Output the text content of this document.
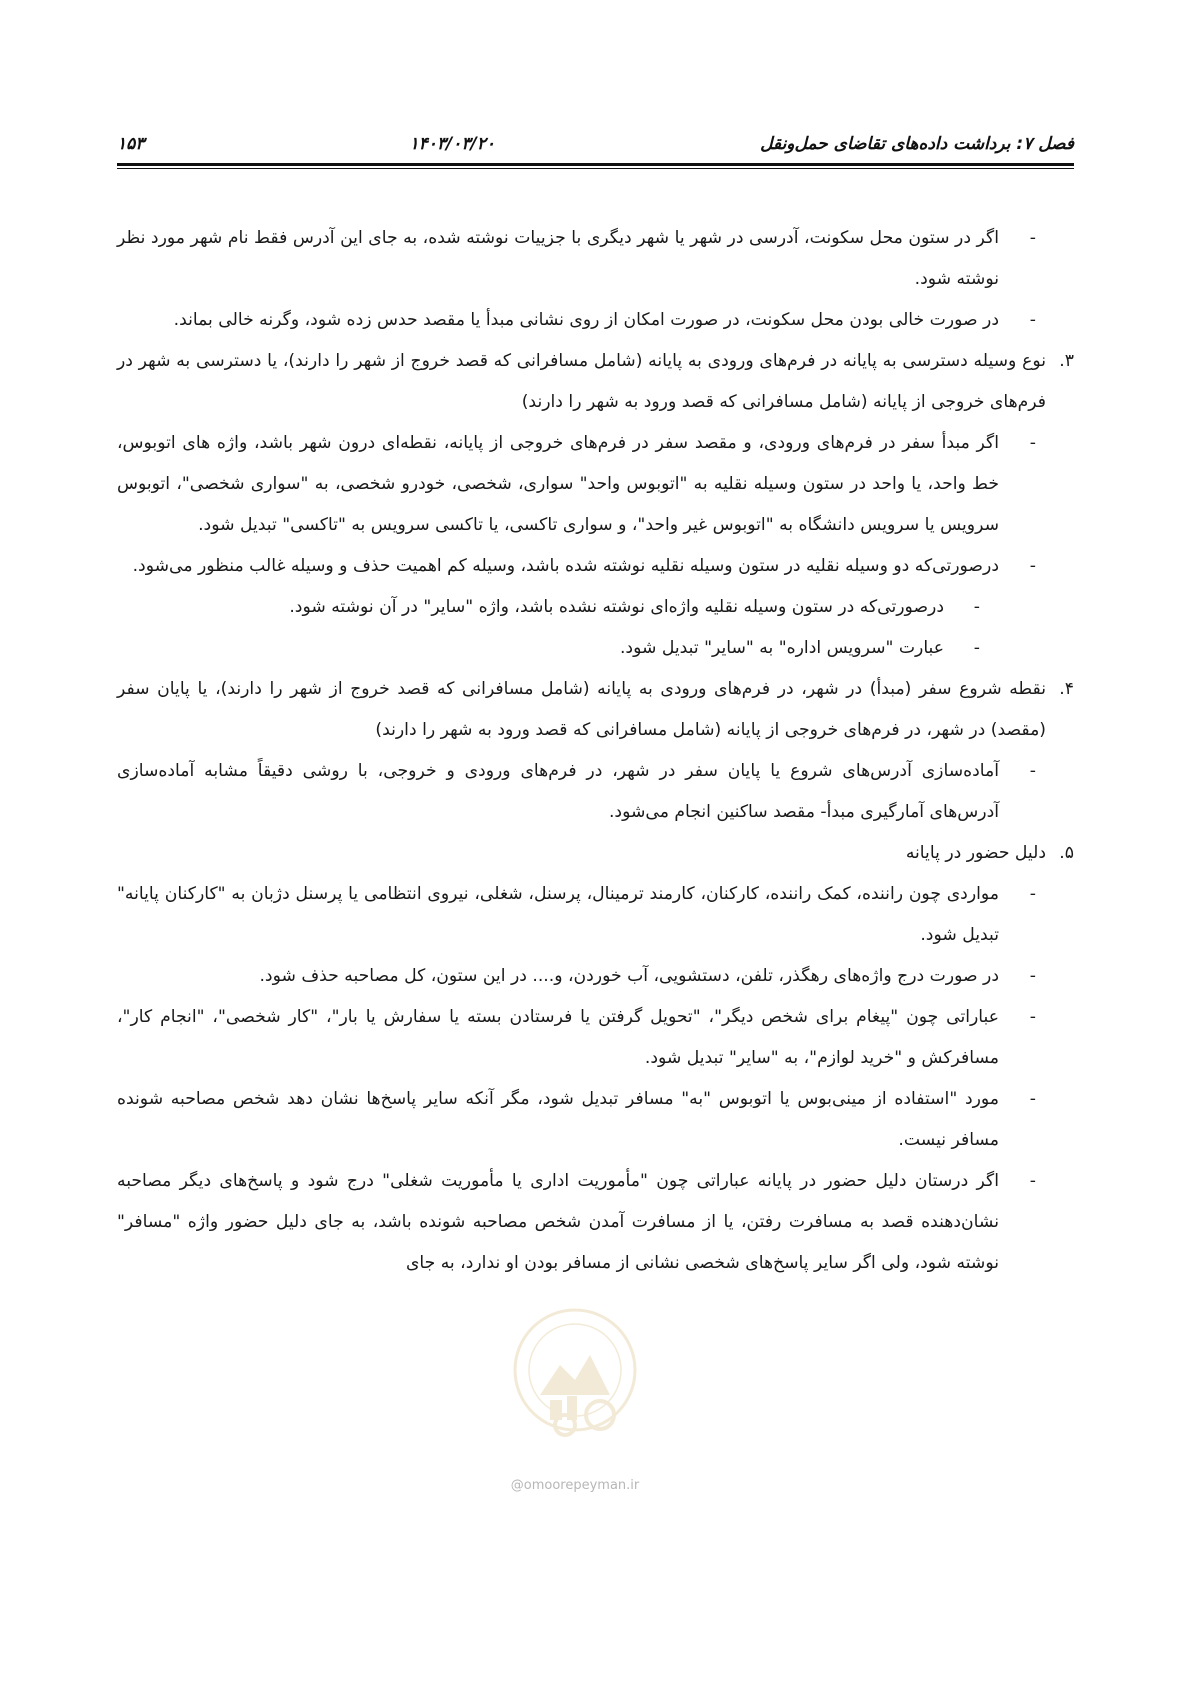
فصل ۷: برداشت داده‌های تقاضای حمل‌ونقل
۱۴۰۳/۰۳/۲۰
۱۵۳
-
اگر در ستون محل سکونت، آدرسی در شهر یا شهر دیگری با جزییات نوشته شده، به جای این آدرس فقط نام شهر مورد نظر نوشته شود.
-
در صورت خالی بودن محل سکونت، در صورت امکان از روی نشانی مبدأ یا مقصد حدس زده شود، وگرنه خالی بماند.
۳.
نوع وسیله دسترسی به پایانه در فرم‌های ورودی به پایانه (شامل مسافرانی که قصد خروج از شهر را دارند)، یا دسترسی به شهر در فرم‌های خروجی از پایانه (شامل مسافرانی که قصد ورود به شهر را دارند)
-
اگر مبدأ سفر در فرم‌های ورودی، و مقصد سفر در فرم‌های خروجی از پایانه، نقطه‌ای درون شهر باشد، واژه های اتوبوس، خط واحد، یا واحد در ستون وسیله نقلیه به "اتوبوس واحد" سواری، شخصی، خودرو شخصی، به "سواری شخصی"، اتوبوس سرویس یا سرویس دانشگاه به "اتوبوس غیر واحد"، و سواری تاکسی، یا تاکسی سرویس به "تاکسی" تبدیل شود.
-
درصورتی‌که دو وسیله نقلیه در ستون وسیله نقلیه نوشته شده باشد، وسیله کم اهمیت حذف و وسیله غالب منظور می‌شود.
-
درصورتی‌که در ستون وسیله نقلیه واژه‌ای نوشته نشده باشد، واژه "سایر" در آن نوشته شود.
-
عبارت "سرویس اداره" به "سایر" تبدیل شود.
۴.
نقطه شروع سفر (مبدأ) در شهر، در فرم‌های ورودی به پایانه (شامل مسافرانی که قصد خروج از شهر را دارند)، یا پایان سفر (مقصد) در شهر، در فرم‌های خروجی از پایانه (شامل مسافرانی که قصد ورود به شهر را دارند)
-
آماده‌سازی آدرس‌های شروع یا پایان سفر در شهر، در فرم‌های ورودی و خروجی، با روشی دقیقاً مشابه آماده‌سازی آدرس‌های آمارگیری مبدأ- مقصد ساکنین انجام می‌شود.
۵.
دلیل حضور در پایانه
-
مواردی چون راننده، کمک راننده، کارکنان، کارمند ترمینال، پرسنل، شغلی، نیروی انتظامی یا پرسنل دژبان به "کارکنان پایانه" تبدیل شود.
-
در صورت درج واژه‌های رهگذر، تلفن، دستشویی، آب خوردن، و.... در این ستون، کل مصاحبه حذف شود.
-
عباراتی چون "پیغام برای شخص دیگر"، "تحویل گرفتن یا فرستادن بسته یا سفارش یا بار"، "کار شخصی"، "انجام کار"، مسافرکش و "خرید لوازم"، به "سایر" تبدیل شود.
-
مورد "استفاده از مینی‌بوس یا اتوبوس "به" مسافر تبدیل شود، مگر آنکه سایر پاسخ‌ها نشان دهد شخص مصاحبه شونده مسافر نیست.
-
اگر درستان دلیل حضور در پایانه عباراتی چون "مأموریت اداری یا مأموریت شغلی" درج شود و پاسخ‌های دیگر مصاحبه نشان‌دهنده قصد به مسافرت رفتن، یا از مسافرت آمدن شخص مصاحبه شونده باشد، به جای دلیل حضور واژه "مسافر" نوشته شود، ولی اگر سایر پاسخ‌های شخصی نشانی از مسافر بودن او ندارد، به جای
@omoorepeyman.ir
